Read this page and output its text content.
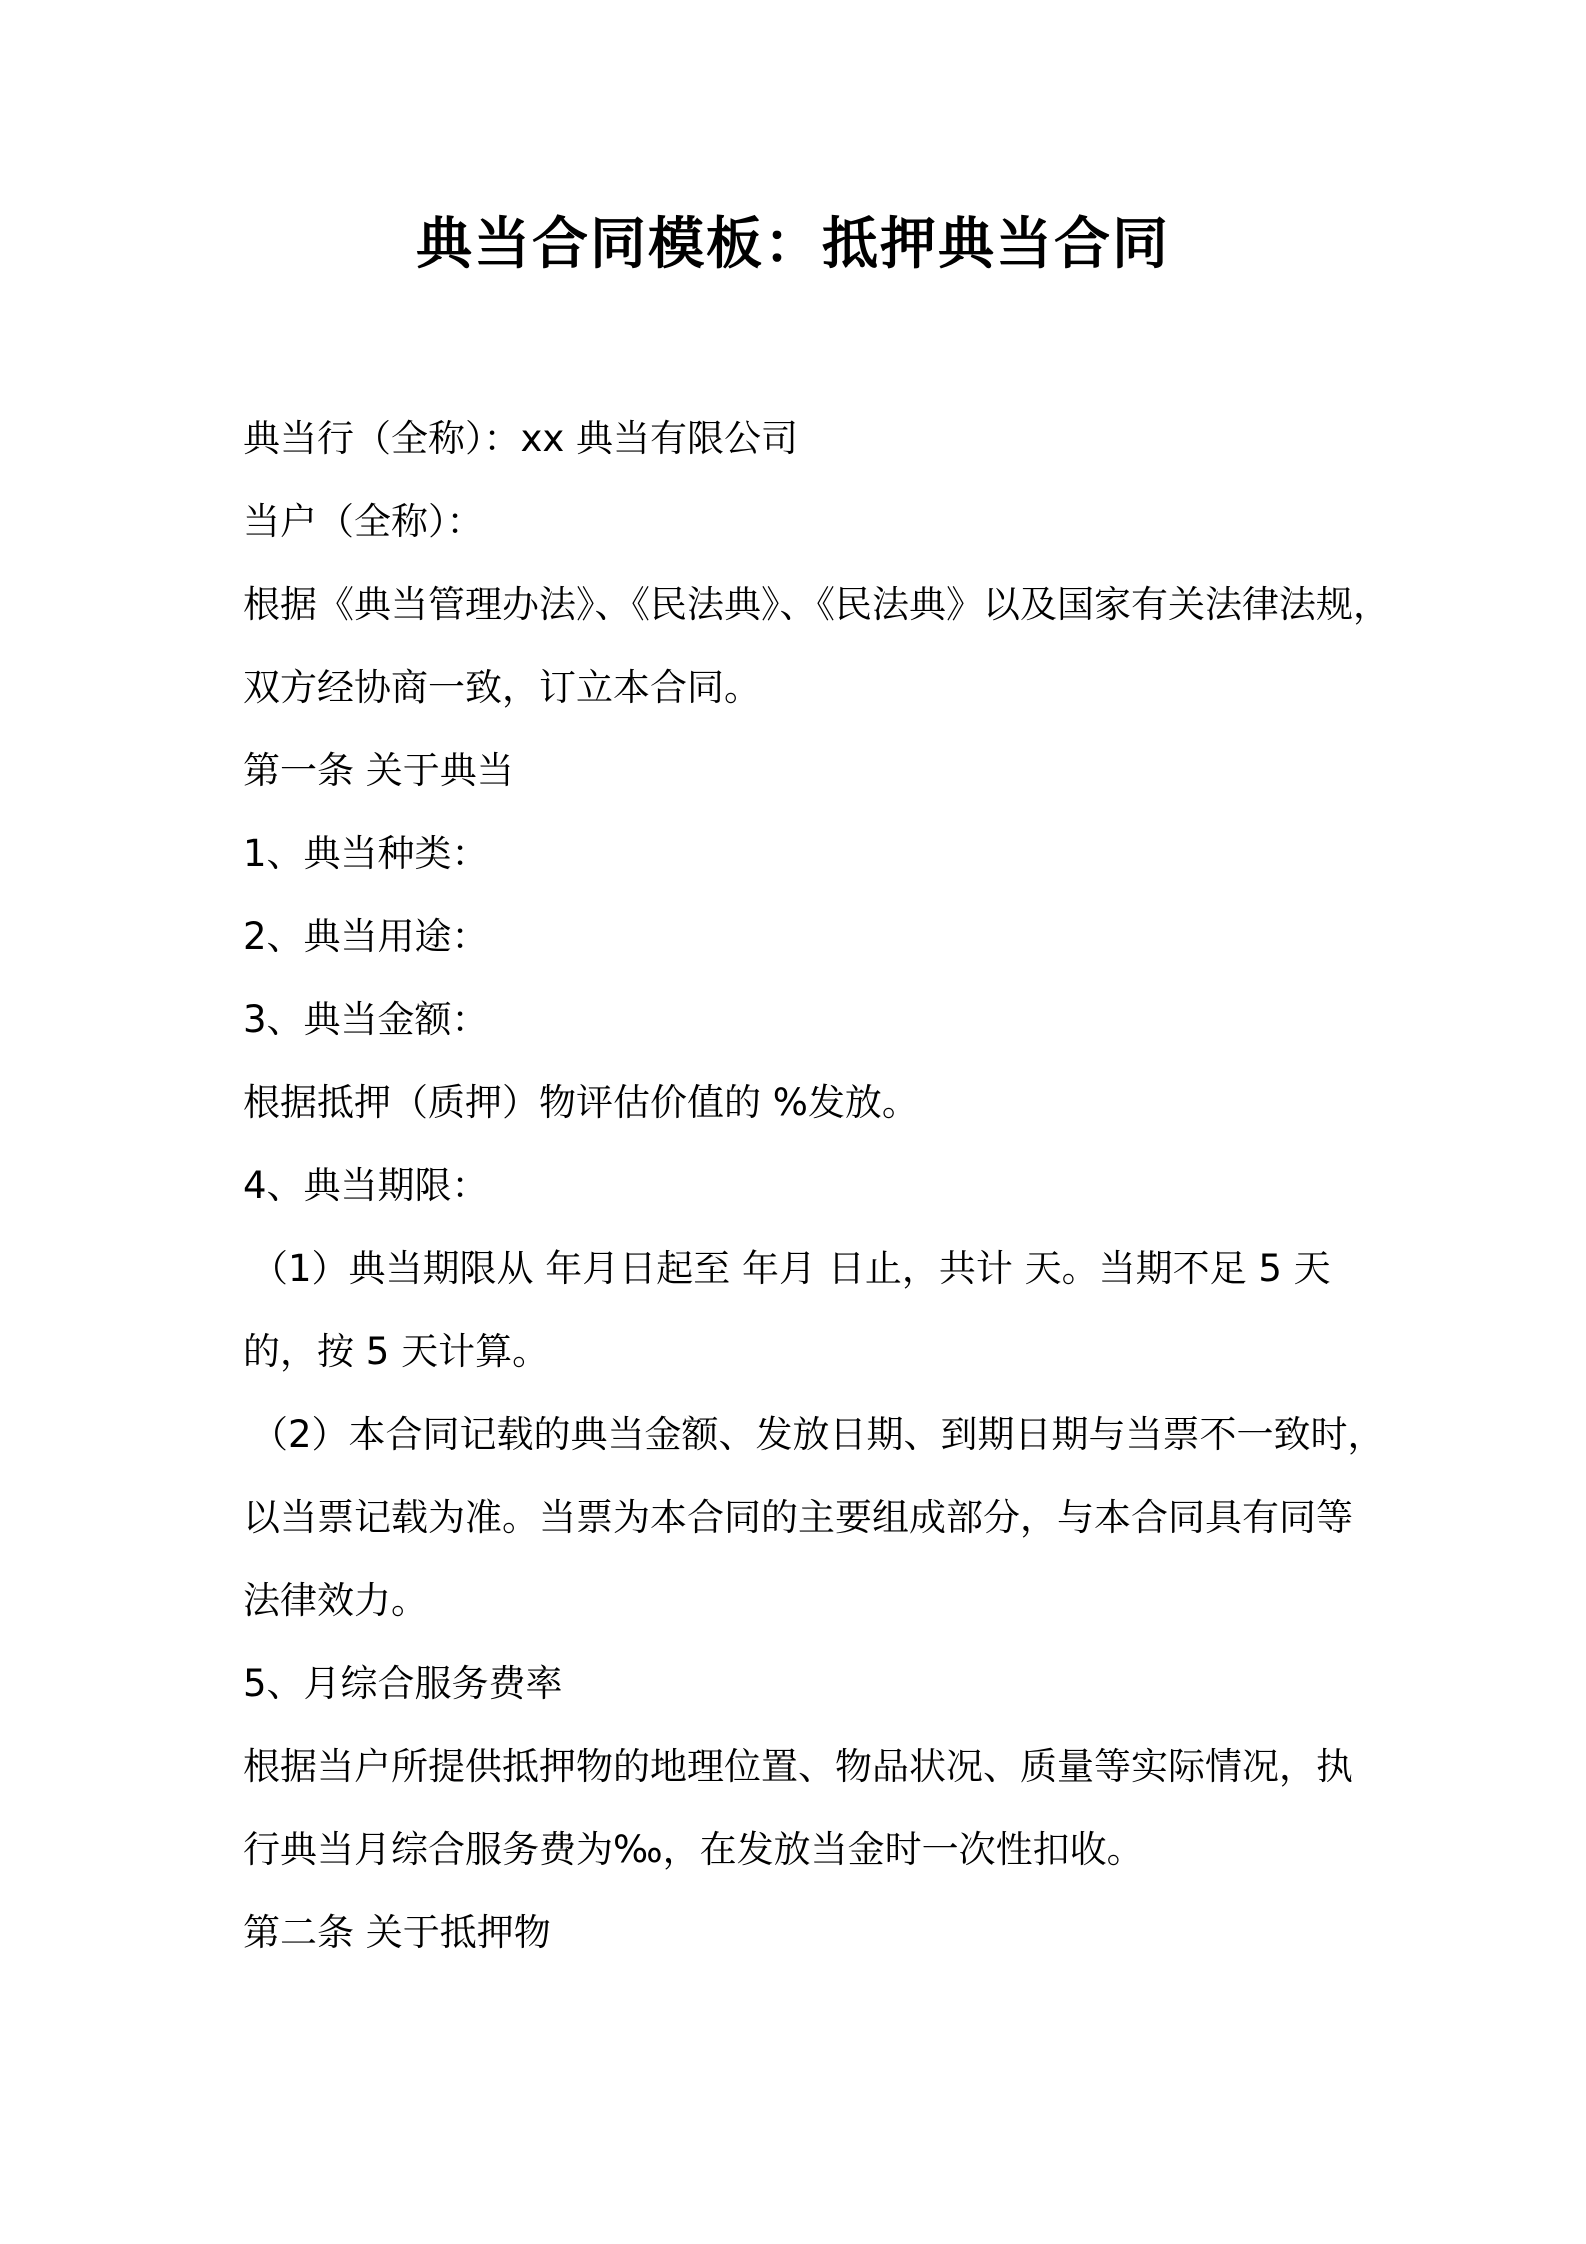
典当合同模板：抵押典当合同

典当行（全称）：xx 典当有限公司

当户（全称）：

根据《典当管理办法》、《民法典》、《民法典》以及国家有关法律法规，

双方经协商一致，订立本合同。

第一条 关于典当

1、典当种类：

2、典当用途：

3、典当金额：

根据抵押（质押）物评估价值的 %发放。

4、典当期限：

（1）典当期限从 年月日起至 年月 日止，共计 天。当期不足 5 天

的，按 5 天计算。

（2）本合同记载的典当金额、发放日期、到期日期与当票不一致时，

以当票记载为准。当票为本合同的主要组成部分，与本合同具有同等

法律效力。

5、月综合服务费率

根据当户所提供抵押物的地理位置、物品状况、质量等实际情况，执

行典当月综合服务费为‰，在发放当金时一次性扣收。

第二条 关于抵押物
